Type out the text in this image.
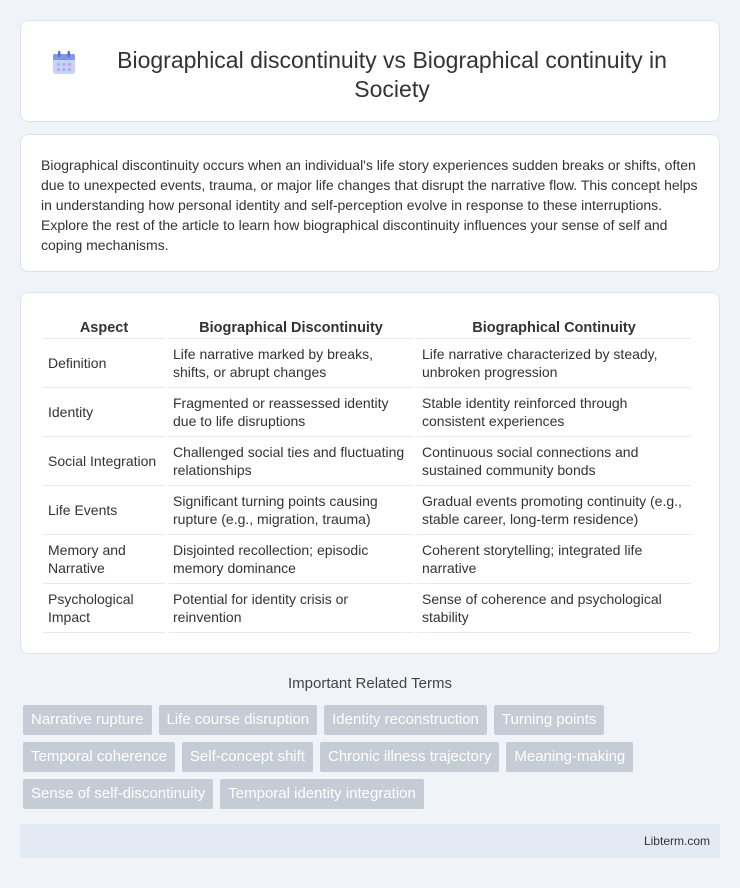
Biographical discontinuity vs Biographical continuity in Society

Biographical discontinuity occurs when an individual's life story experiences sudden breaks or shifts, often due to unexpected events, trauma, or major life changes that disrupt the narrative flow. This concept helps in understanding how personal identity and self-perception evolve in response to these interruptions. Explore the rest of the article to learn how biographical discontinuity influences your sense of self and coping mechanisms.

Aspect	Biographical Discontinuity	Biographical Continuity
Definition	Life narrative marked by breaks, shifts, or abrupt changes	Life narrative characterized by steady, unbroken progression
Identity	Fragmented or reassessed identity due to life disruptions	Stable identity reinforced through consistent experiences
Social Integration	Challenged social ties and fluctuating relationships	Continuous social connections and sustained community bonds
Life Events	Significant turning points causing rupture (e.g., migration, trauma)	Gradual events promoting continuity (e.g., stable career, long-term residence)
Memory and Narrative	Disjointed recollection; episodic memory dominance	Coherent storytelling; integrated life narrative
Psychological Impact	Potential for identity crisis or reinvention	Sense of coherence and psychological stability
Important Related Terms
Narrative rupture	Life course disruption	Identity reconstruction	Turning points
Temporal coherence	Self-concept shift	Chronic illness trajectory	Meaning-making
Sense of self-discontinuity	Temporal identity integration
Libterm.com
